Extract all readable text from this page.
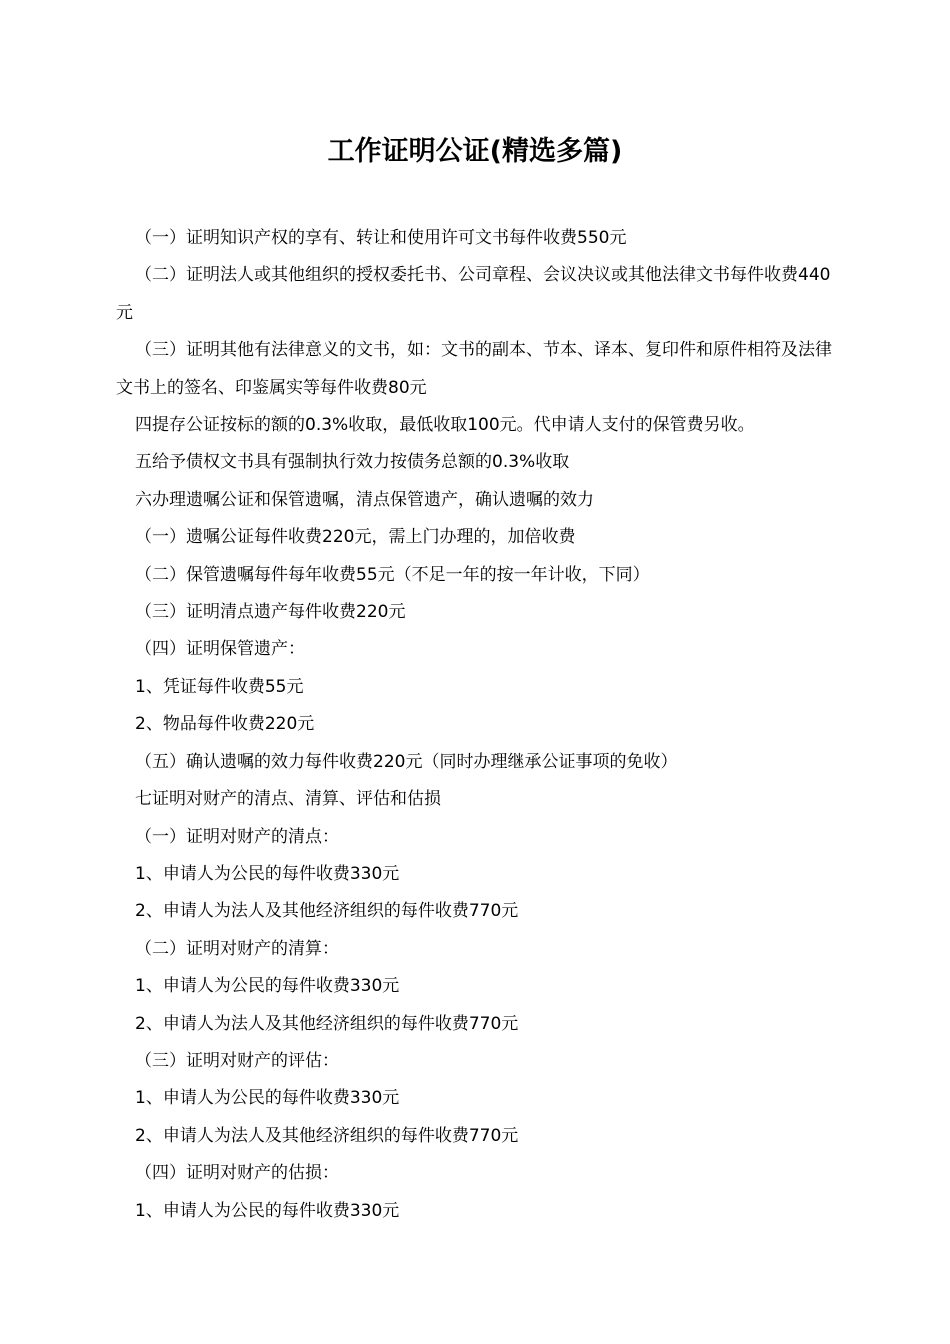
工作证明公证(精选多篇)

（一）证明知识产权的享有、转让和使用许可文书每件收费550元

（二）证明法人或其他组织的授权委托书、公司章程、会议决议或其他法律文书每件收费440元

（三）证明其他有法律意义的文书，如：文书的副本、节本、译本、复印件和原件相符及法律文书上的签名、印鉴属实等每件收费80元

四提存公证按标的额的0.3%收取，最低收取100元。代申请人支付的保管费另收。

五给予债权文书具有强制执行效力按债务总额的0.3%收取

六办理遗嘱公证和保管遗嘱，清点保管遗产，确认遗嘱的效力

（一）遗嘱公证每件收费220元，需上门办理的，加倍收费

（二）保管遗嘱每件每年收费55元（不足一年的按一年计收，下同）

（三）证明清点遗产每件收费220元

（四）证明保管遗产：

1、凭证每件收费55元

2、物品每件收费220元

（五）确认遗嘱的效力每件收费220元（同时办理继承公证事项的免收）

七证明对财产的清点、清算、评估和估损

（一）证明对财产的清点：

1、申请人为公民的每件收费330元

2、申请人为法人及其他经济组织的每件收费770元

（二）证明对财产的清算：

1、申请人为公民的每件收费330元

2、申请人为法人及其他经济组织的每件收费770元

（三）证明对财产的评估：

1、申请人为公民的每件收费330元

2、申请人为法人及其他经济组织的每件收费770元

（四）证明对财产的估损：

1、申请人为公民的每件收费330元
